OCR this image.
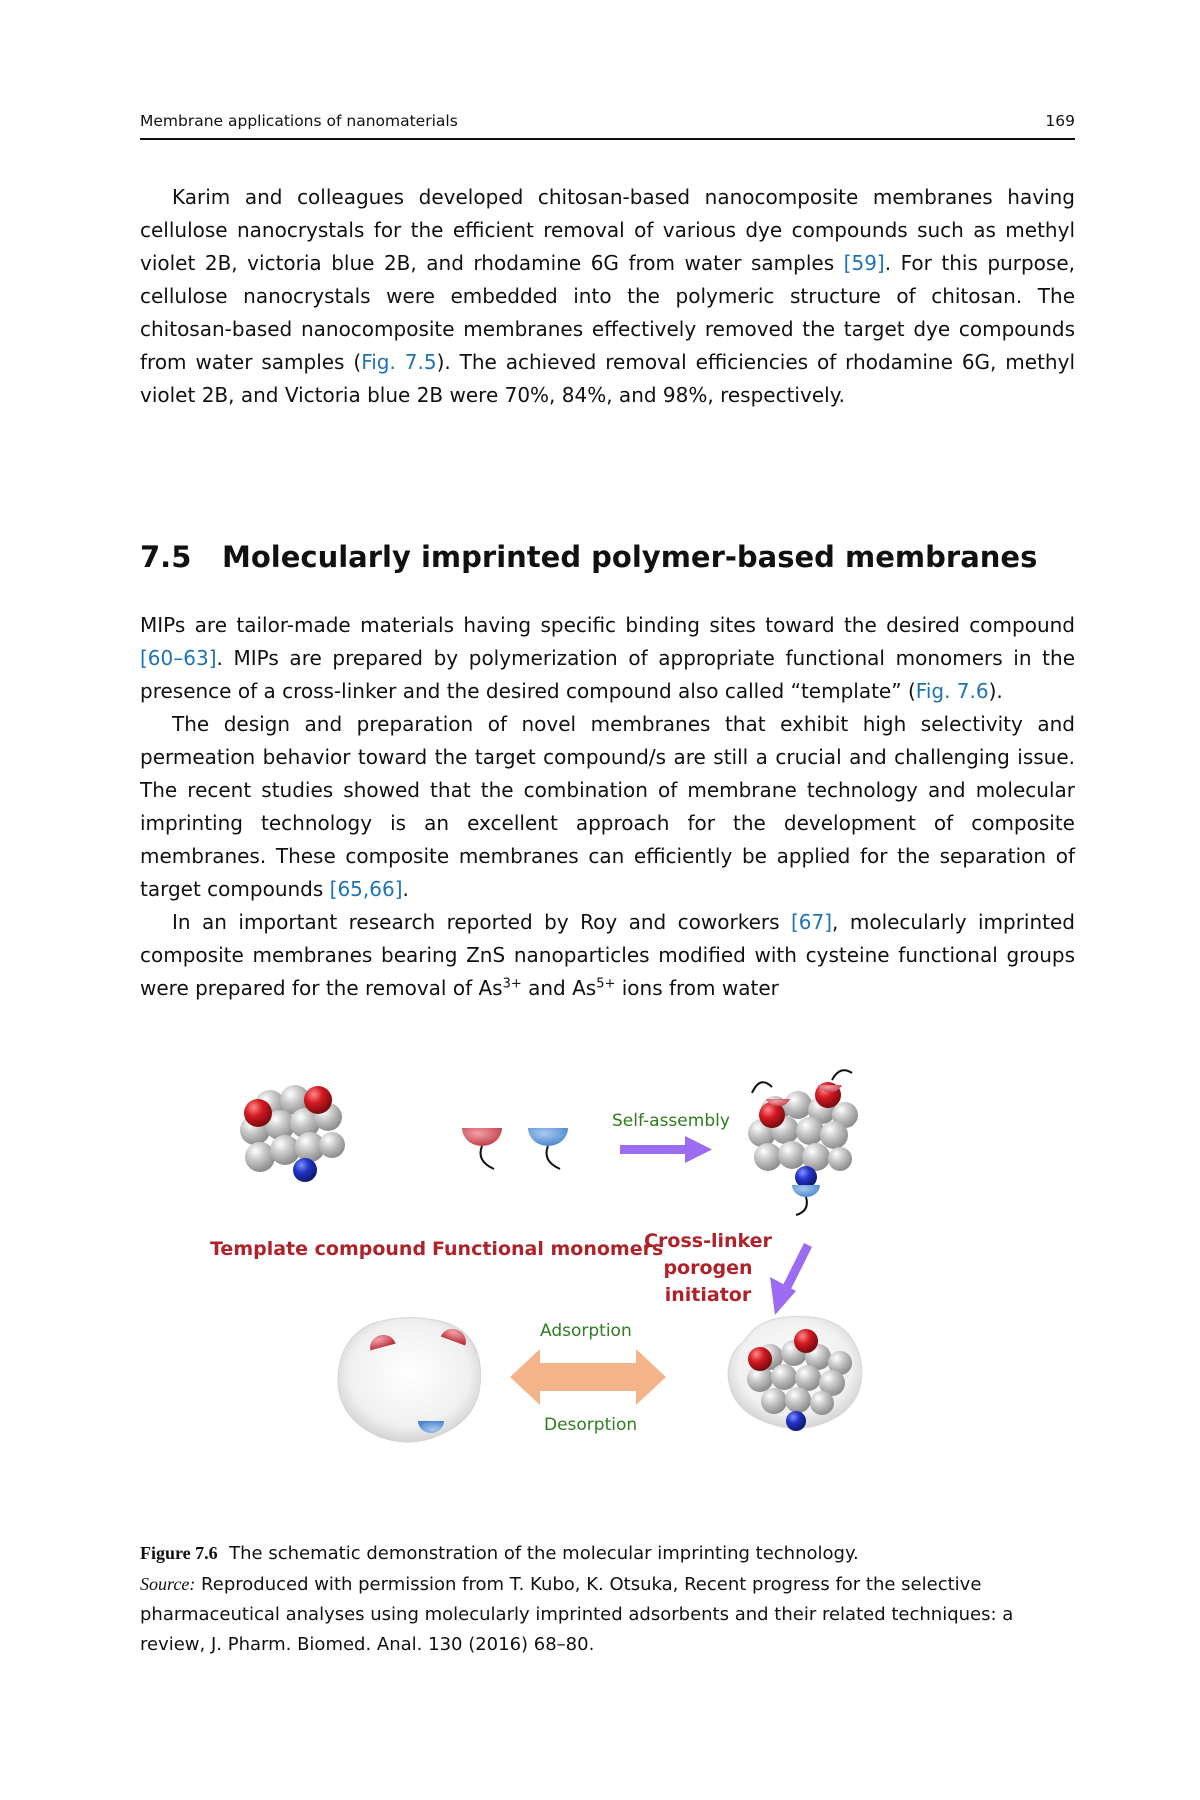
Membrane applications of nanomaterials	169

Karim and colleagues developed chitosan-based nanocomposite membranes having cellulose nanocrystals for the efficient removal of various dye compounds such as methyl violet 2B, victoria blue 2B, and rhodamine 6G from water samples [59]. For this purpose, cellulose nanocrystals were embedded into the polymeric structure of chitosan. The chitosan-based nanocomposite membranes effectively removed the target dye compounds from water samples (Fig. 7.5). The achieved removal efficiencies of rhodamine 6G, methyl violet 2B, and Victoria blue 2B were 70%, 84%, and 98%, respectively.

7.5 Molecularly imprinted polymer-based membranes

MIPs are tailor-made materials having specific binding sites toward the desired compound [60–63]. MIPs are prepared by polymerization of appropriate functional monomers in the presence of a cross-linker and the desired compound also called “template” (Fig. 7.6).

The design and preparation of novel membranes that exhibit high selectivity and permeation behavior toward the target compound/s are still a crucial and challenging issue. The recent studies showed that the combination of membrane technology and molecular imprinting technology is an excellent approach for the development of composite membranes. These composite membranes can efficiently be applied for the separation of target compounds [65,66].

In an important research reported by Roy and coworkers [67], molecularly imprinted composite membranes bearing ZnS nanoparticles modified with cysteine functional groups were prepared for the removal of $As^{3+}$ and $As^{5+}$ ions from water

Self-assembly
Adsorption
Desorption
Template compound Functional monomers
Cross-linker
porogen
initiator

Figure 7.6 The schematic demonstration of the molecular imprinting technology.

Source: Reproduced with permission from T. Kubo, K. Otsuka, Recent progress for the selective pharmaceutical analyses using molecularly imprinted adsorbents and their related techniques: a review, J. Pharm. Biomed. Anal. 130 (2016) 68–80.
